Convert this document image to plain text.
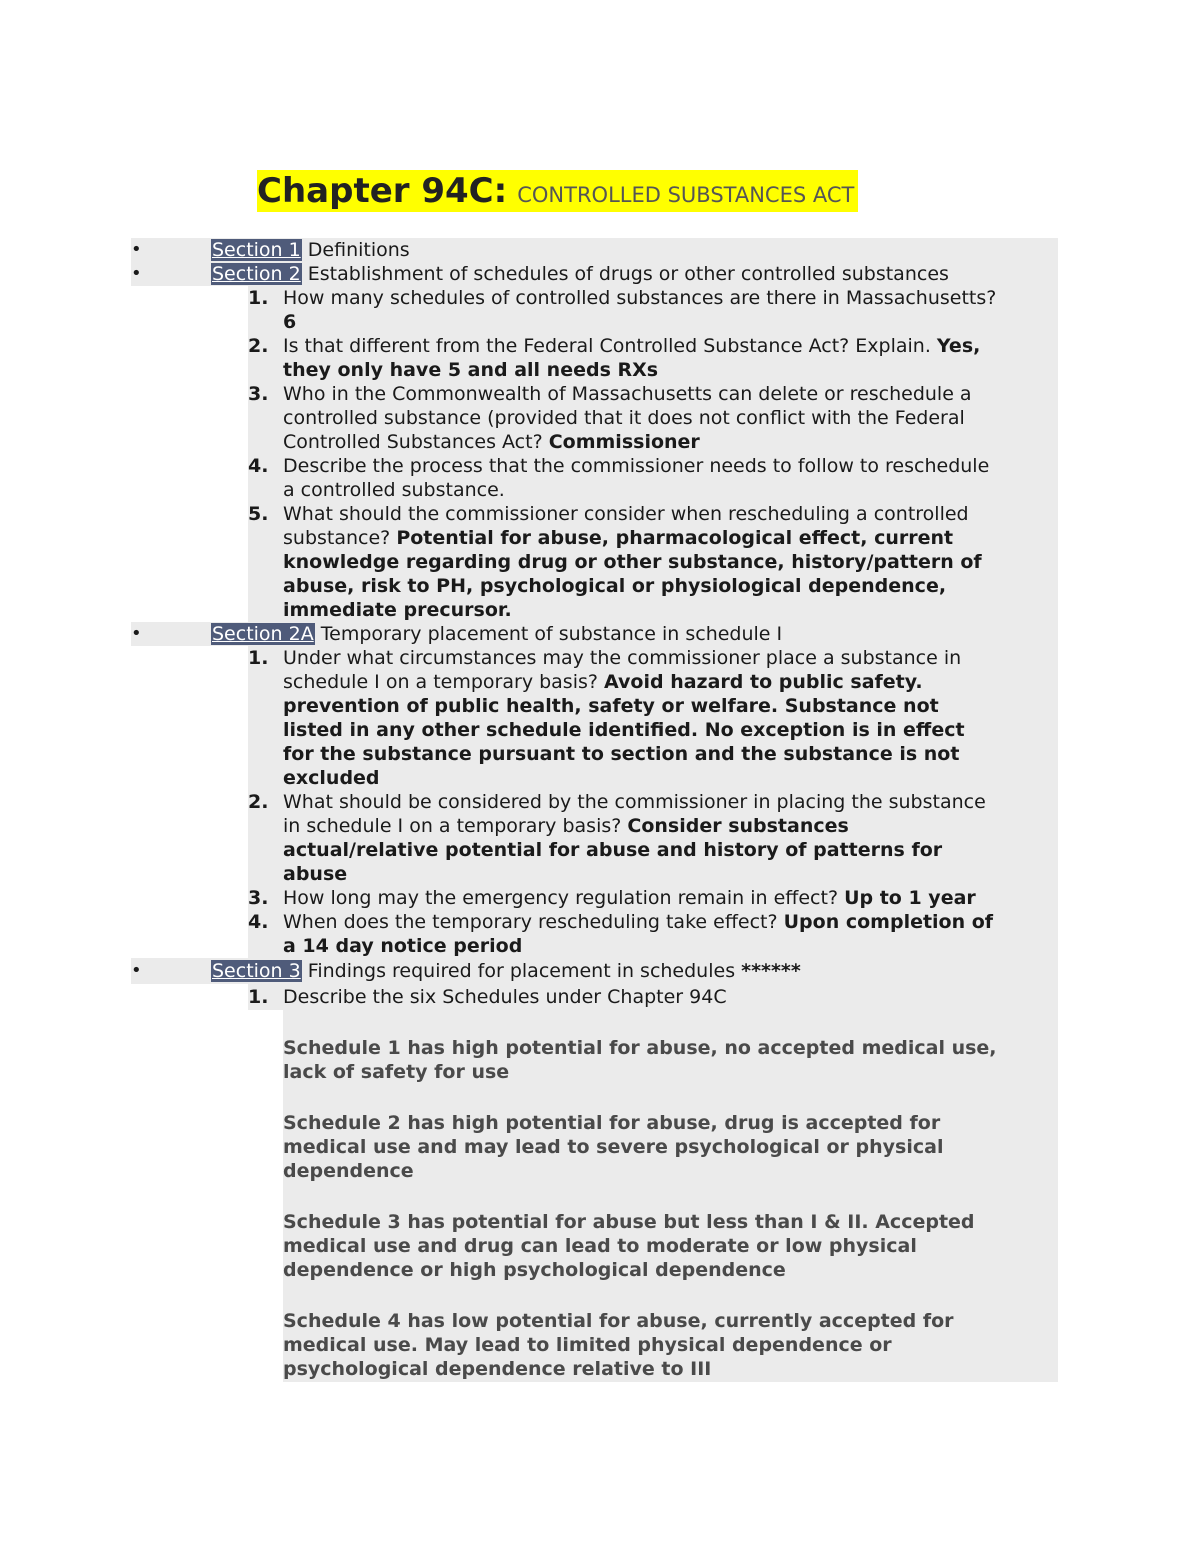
Chapter 94C: CONTROLLED SUBSTANCES ACT
•	Section 1 Definitions
•	Section 2 Establishment of schedules of drugs or other controlled substances
1. How many schedules of controlled substances are there in Massachusetts?
6
2. Is that different from the Federal Controlled Substance Act? Explain. Yes,
they only have 5 and all needs RXs
3. Who in the Commonwealth of Massachusetts can delete or reschedule a
controlled substance (provided that it does not conflict with the Federal
Controlled Substances Act? Commissioner
4. Describe the process that the commissioner needs to follow to reschedule
a controlled substance.
5. What should the commissioner consider when rescheduling a controlled
substance? Potential for abuse, pharmacological effect, current
knowledge regarding drug or other substance, history/pattern of
abuse, risk to PH, psychological or physiological dependence,
immediate precursor.
•	Section 2A Temporary placement of substance in schedule I
1. Under what circumstances may the commissioner place a substance in
schedule I on a temporary basis? Avoid hazard to public safety.
prevention of public health, safety or welfare. Substance not
listed in any other schedule identified. No exception is in effect
for the substance pursuant to section and the substance is not
excluded
2. What should be considered by the commissioner in placing the substance
in schedule I on a temporary basis? Consider substances
actual/relative potential for abuse and history of patterns for
abuse
3. How long may the emergency regulation remain in effect? Up to 1 year
4. When does the temporary rescheduling take effect? Upon completion of
a 14 day notice period
•	Section 3 Findings required for placement in schedules ******
1. Describe the six Schedules under Chapter 94C
Schedule 1 has high potential for abuse, no accepted medical use,
lack of safety for use
Schedule 2 has high potential for abuse, drug is accepted for
medical use and may lead to severe psychological or physical
dependence
Schedule 3 has potential for abuse but less than I & II. Accepted
medical use and drug can lead to moderate or low physical
dependence or high psychological dependence
Schedule 4 has low potential for abuse, currently accepted for
medical use. May lead to limited physical dependence or
psychological dependence relative to III
